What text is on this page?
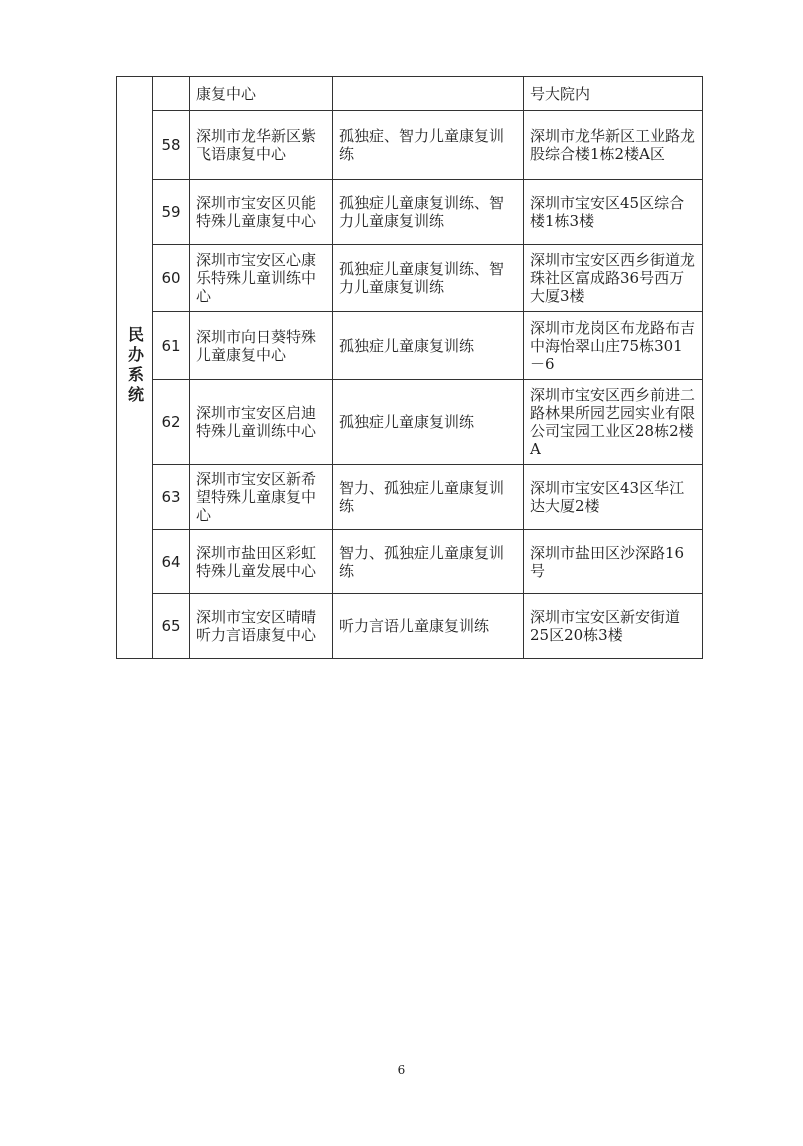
民办系统		康复中心		号大院内
	58	深圳市龙华新区紫飞语康复中心	孤独症、智力儿童康复训练	深圳市龙华新区工业路龙股综合楼1栋2楼A区
	59	深圳市宝安区贝能特殊儿童康复中心	孤独症儿童康复训练、智力儿童康复训练	深圳市宝安区45区综合楼1栋3楼
	60	深圳市宝安区心康乐特殊儿童训练中心	孤独症儿童康复训练、智力儿童康复训练	深圳市宝安区西乡街道龙珠社区富成路36号西万大厦3楼
	61	深圳市向日葵特殊儿童康复中心	孤独症儿童康复训练	深圳市龙岗区布龙路布吉中海怡翠山庄75栋301－6
	62	深圳市宝安区启迪特殊儿童训练中心	孤独症儿童康复训练	深圳市宝安区西乡前进二路林果所园艺园实业有限公司宝园工业区28栋2楼A
	63	深圳市宝安区新希望特殊儿童康复中心	智力、孤独症儿童康复训练	深圳市宝安区43区华江达大厦2楼
	64	深圳市盐田区彩虹特殊儿童发展中心	智力、孤独症儿童康复训练	深圳市盐田区沙深路16号
	65	深圳市宝安区晴晴听力言语康复中心	听力言语儿童康复训练	深圳市宝安区新安街道25区20栋3楼
6
